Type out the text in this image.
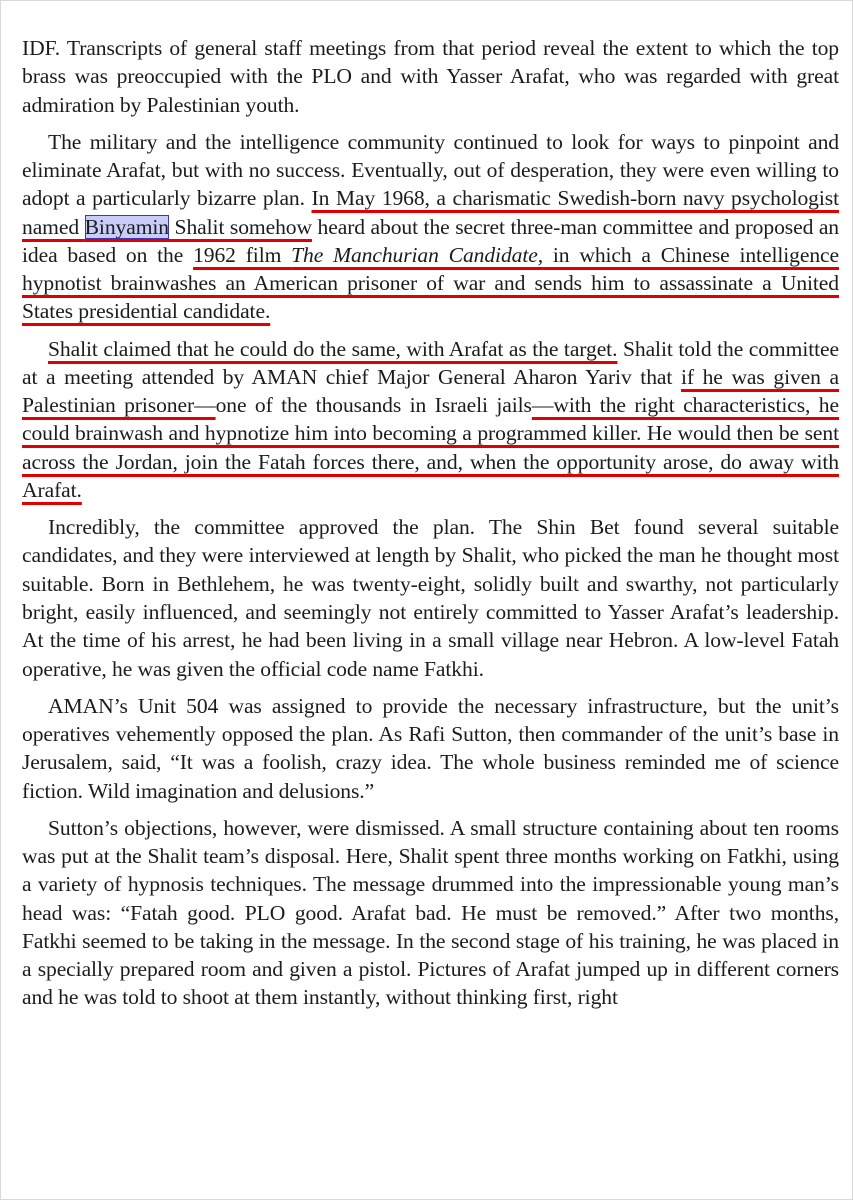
IDF. Transcripts of general staff meetings from that period reveal the extent to which the top brass was preoccupied with the PLO and with Yasser Arafat, who was regarded with great admiration by Palestinian youth.

The military and the intelligence community continued to look for ways to pinpoint and eliminate Arafat, but with no success. Eventually, out of desperation, they were even willing to adopt a particularly bizarre plan. In May 1968, a charismatic Swedish-born navy psychologist named Binyamin Shalit somehow heard about the secret three-man committee and proposed an idea based on the 1962 film The Manchurian Candidate, in which a Chinese intelligence hypnotist brainwashes an American prisoner of war and sends him to assassinate a United States presidential candidate.

Shalit claimed that he could do the same, with Arafat as the target. Shalit told the committee at a meeting attended by AMAN chief Major General Aharon Yariv that if he was given a Palestinian prisoner—one of the thousands in Israeli jails—with the right characteristics, he could brainwash and hypnotize him into becoming a programmed killer. He would then be sent across the Jordan, join the Fatah forces there, and, when the opportunity arose, do away with Arafat.

Incredibly, the committee approved the plan. The Shin Bet found several suitable candidates, and they were interviewed at length by Shalit, who picked the man he thought most suitable. Born in Bethlehem, he was twenty-eight, solidly built and swarthy, not particularly bright, easily influenced, and seemingly not entirely committed to Yasser Arafat’s leadership. At the time of his arrest, he had been living in a small village near Hebron. A low-level Fatah operative, he was given the official code name Fatkhi.

AMAN’s Unit 504 was assigned to provide the necessary infrastructure, but the unit’s operatives vehemently opposed the plan. As Rafi Sutton, then commander of the unit’s base in Jerusalem, said, “It was a foolish, crazy idea. The whole business reminded me of science fiction. Wild imagination and delusions.”

Sutton’s objections, however, were dismissed. A small structure containing about ten rooms was put at the Shalit team’s disposal. Here, Shalit spent three months working on Fatkhi, using a variety of hypnosis techniques. The message drummed into the impressionable young man’s head was: “Fatah good. PLO good. Arafat bad. He must be removed.” After two months, Fatkhi seemed to be taking in the message. In the second stage of his training, he was placed in a specially prepared room and given a pistol. Pictures of Arafat jumped up in different corners and he was told to shoot at them instantly, without thinking first, right
